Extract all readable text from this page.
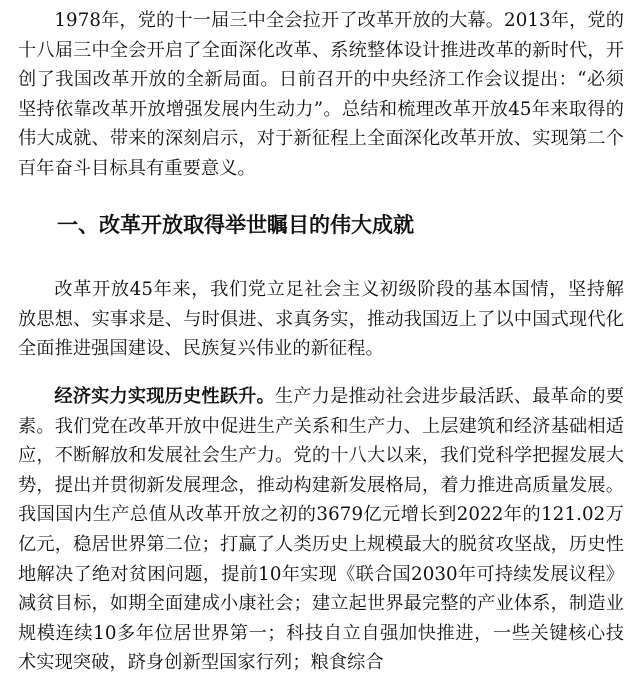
1978年，党的十一届三中全会拉开了改革开放的大幕。2013年，党的十八届三中全会开启了全面深化改革、系统整体设计推进改革的新时代，开创了我国改革开放的全新局面。日前召开的中央经济工作会议提出：“必须坚持依靠改革开放增强发展内生动力”。总结和梳理改革开放45年来取得的伟大成就、带来的深刻启示，对于新征程上全面深化改革开放、实现第二个百年奋斗目标具有重要意义。

一、改革开放取得举世瞩目的伟大成就

改革开放45年来，我们党立足社会主义初级阶段的基本国情，坚持解放思想、实事求是、与时俱进、求真务实，推动我国迈上了以中国式现代化全面推进强国建设、民族复兴伟业的新征程。

经济实力实现历史性跃升。生产力是推动社会进步最活跃、最革命的要素。我们党在改革开放中促进生产关系和生产力、上层建筑和经济基础相适应，不断解放和发展社会生产力。党的十八大以来，我们党科学把握发展大势，提出并贯彻新发展理念，推动构建新发展格局，着力推进高质量发展。我国国内生产总值从改革开放之初的3679亿元增长到2022年的121.02万亿元，稳居世界第二位；打赢了人类历史上规模最大的脱贫攻坚战，历史性地解决了绝对贫困问题，提前10年实现《联合国2030年可持续发展议程》减贫目标，如期全面建成小康社会；建立起世界最完整的产业体系，制造业规模连续10多年位居世界第一；科技自立自强加快推进，一些关键核心技术实现突破，跻身创新型国家行列；粮食综合
